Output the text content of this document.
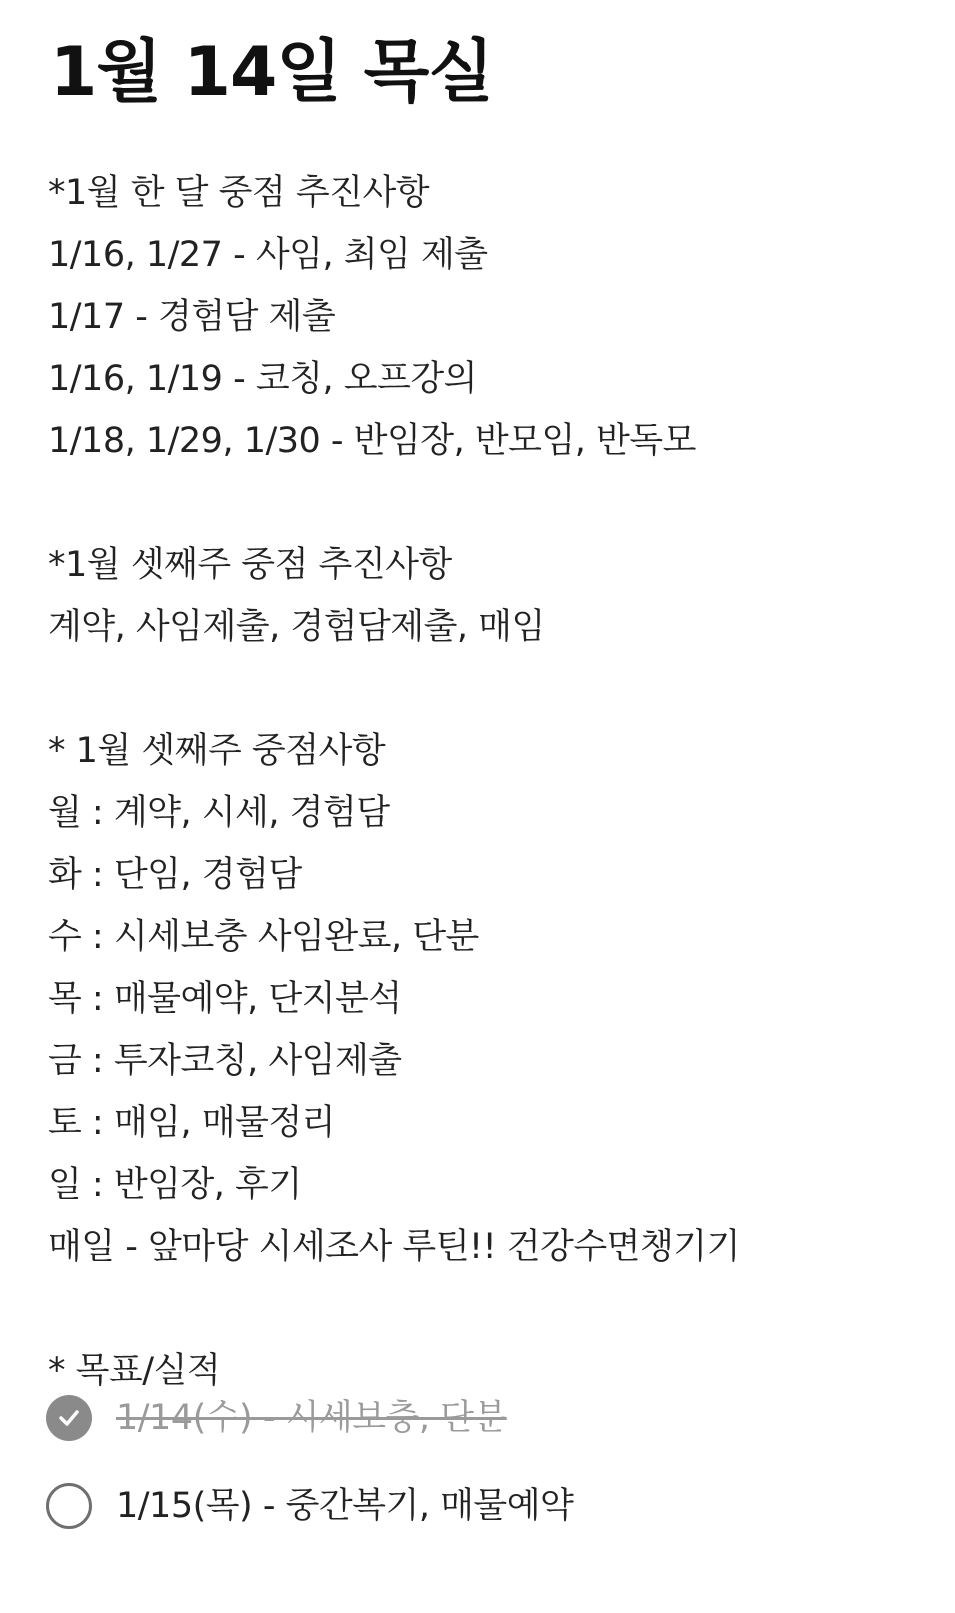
1월 14일 목실
*1월 한 달 중점 추진사항
1/16, 1/27 - 사임, 최임 제출
1/17 - 경험담 제출
1/16, 1/19 - 코칭, 오프강의
1/18, 1/29, 1/30 - 반임장, 반모임, 반독모
*1월 셋째주 중점 추진사항
계약, 사임제출, 경험담제출, 매임
* 1월 셋째주 중점사항
월 : 계약, 시세, 경험담
화 : 단임, 경험담
수 : 시세보충 사임완료, 단분
목 : 매물예약, 단지분석
금 : 투자코칭, 사임제출
토 : 매임, 매물정리
일 : 반임장, 후기
매일 - 앞마당 시세조사 루틴!! 건강수면챙기기
* 목표/실적
1/14(수) - 시세보충, 단분
1/15(목) - 중간복기, 매물예약
